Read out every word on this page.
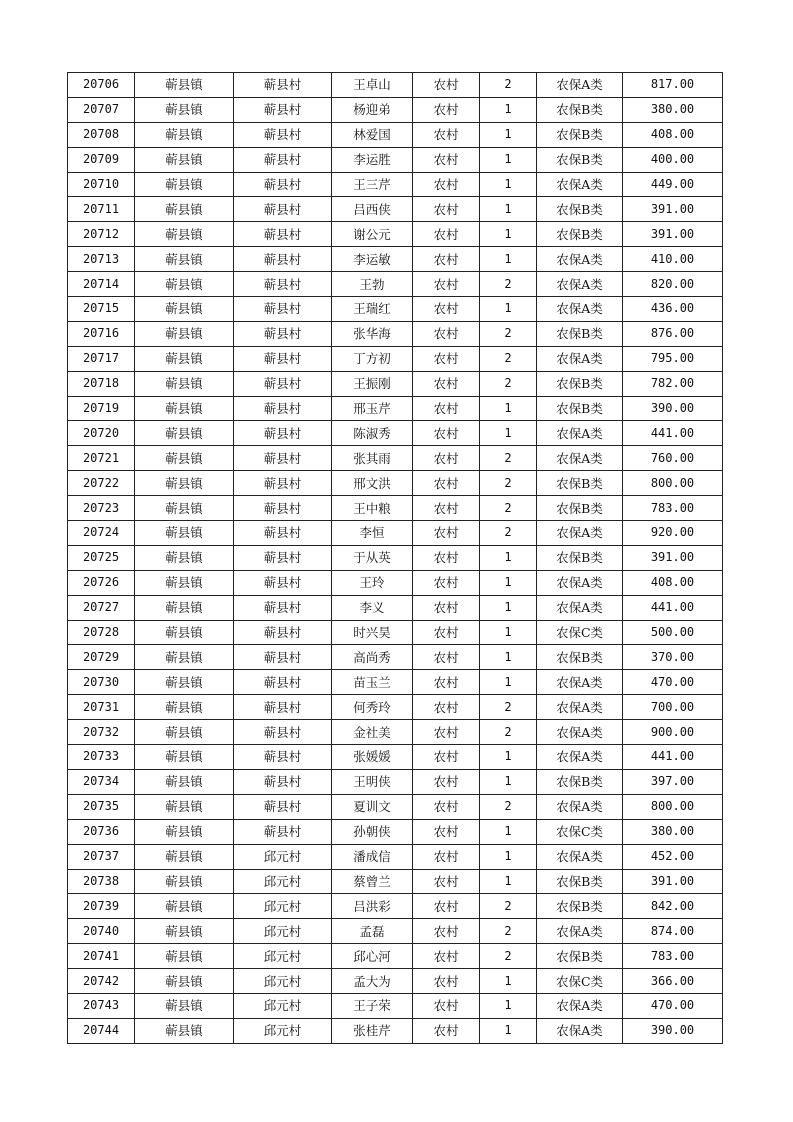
20706	蕲县镇	蕲县村	王卓山	农村	2	农保A类	817.00
20707	蕲县镇	蕲县村	杨迎弟	农村	1	农保B类	380.00
20708	蕲县镇	蕲县村	林爱国	农村	1	农保B类	408.00
20709	蕲县镇	蕲县村	李运胜	农村	1	农保B类	400.00
20710	蕲县镇	蕲县村	王三芹	农村	1	农保A类	449.00
20711	蕲县镇	蕲县村	吕西侠	农村	1	农保B类	391.00
20712	蕲县镇	蕲县村	谢公元	农村	1	农保B类	391.00
20713	蕲县镇	蕲县村	李运敏	农村	1	农保A类	410.00
20714	蕲县镇	蕲县村	王勃	农村	2	农保A类	820.00
20715	蕲县镇	蕲县村	王瑞红	农村	1	农保A类	436.00
20716	蕲县镇	蕲县村	张华海	农村	2	农保B类	876.00
20717	蕲县镇	蕲县村	丁方初	农村	2	农保A类	795.00
20718	蕲县镇	蕲县村	王振刚	农村	2	农保B类	782.00
20719	蕲县镇	蕲县村	邢玉芹	农村	1	农保B类	390.00
20720	蕲县镇	蕲县村	陈淑秀	农村	1	农保A类	441.00
20721	蕲县镇	蕲县村	张其雨	农村	2	农保A类	760.00
20722	蕲县镇	蕲县村	邢文洪	农村	2	农保B类	800.00
20723	蕲县镇	蕲县村	王中粮	农村	2	农保B类	783.00
20724	蕲县镇	蕲县村	李恒	农村	2	农保A类	920.00
20725	蕲县镇	蕲县村	于从英	农村	1	农保B类	391.00
20726	蕲县镇	蕲县村	王玲	农村	1	农保A类	408.00
20727	蕲县镇	蕲县村	李义	农村	1	农保A类	441.00
20728	蕲县镇	蕲县村	时兴昊	农村	1	农保C类	500.00
20729	蕲县镇	蕲县村	高尚秀	农村	1	农保B类	370.00
20730	蕲县镇	蕲县村	苗玉兰	农村	1	农保A类	470.00
20731	蕲县镇	蕲县村	何秀玲	农村	2	农保A类	700.00
20732	蕲县镇	蕲县村	金社美	农村	2	农保A类	900.00
20733	蕲县镇	蕲县村	张媛媛	农村	1	农保A类	441.00
20734	蕲县镇	蕲县村	王明侠	农村	1	农保B类	397.00
20735	蕲县镇	蕲县村	夏训文	农村	2	农保A类	800.00
20736	蕲县镇	蕲县村	孙朝侠	农村	1	农保C类	380.00
20737	蕲县镇	邱元村	潘成信	农村	1	农保A类	452.00
20738	蕲县镇	邱元村	蔡曾兰	农村	1	农保B类	391.00
20739	蕲县镇	邱元村	吕洪彩	农村	2	农保B类	842.00
20740	蕲县镇	邱元村	孟磊	农村	2	农保A类	874.00
20741	蕲县镇	邱元村	邱心河	农村	2	农保B类	783.00
20742	蕲县镇	邱元村	孟大为	农村	1	农保C类	366.00
20743	蕲县镇	邱元村	王子荣	农村	1	农保A类	470.00
20744	蕲县镇	邱元村	张桂芹	农村	1	农保A类	390.00
